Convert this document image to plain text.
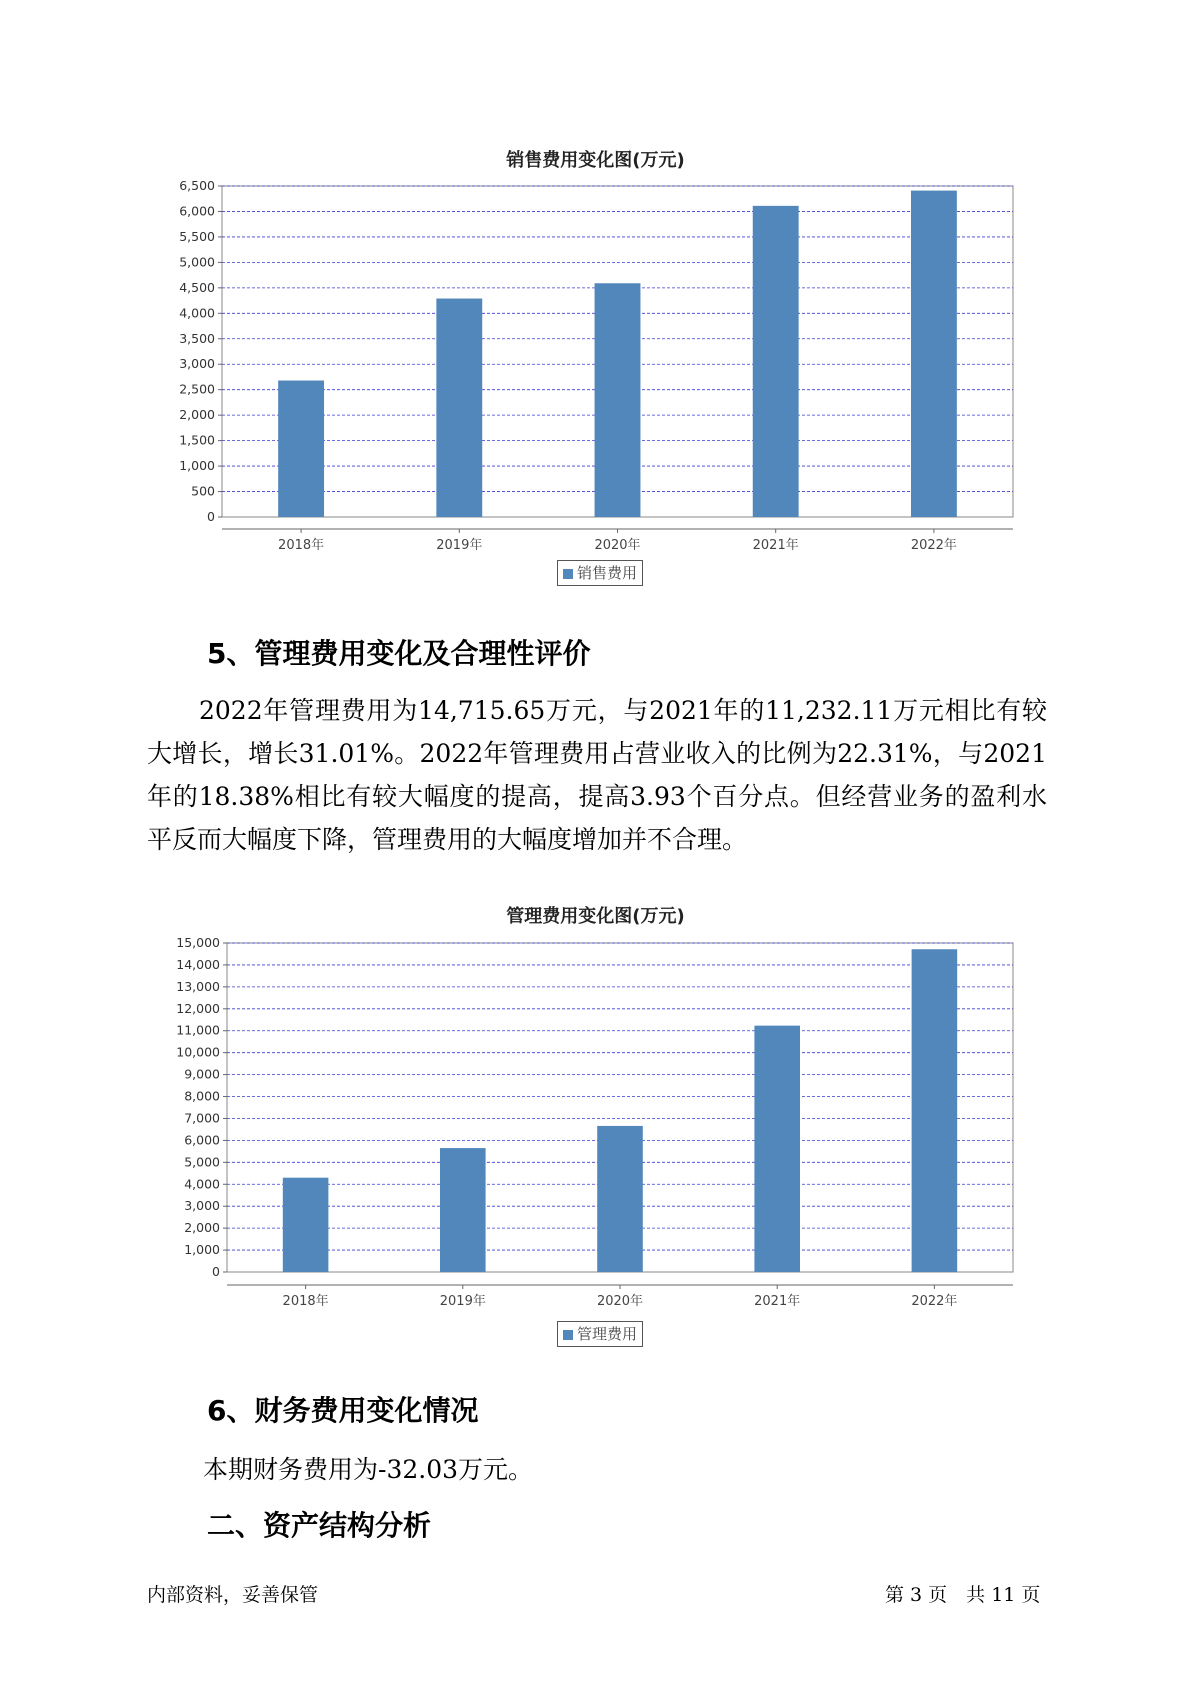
销售费用变化图(万元)
0
500
1,000
1,500
2,000
2,500
3,000
3,500
4,000
4,500
5,000
5,500
6,000
6,500
2018年	2019年	2020年	2021年	2022年
销售费用
5、管理费用变化及合理性评价
2022年管理费用为14,715.65万元，与2021年的11,232.11万元相比有较大增长，增长31.01%。2022年管理费用占营业收入的比例为22.31%，与2021年的18.38%相比有较大幅度的提高，提高3.93个百分点。但经营业务的盈利水平反而大幅度下降，管理费用的大幅度增加并不合理。
管理费用变化图(万元)
0
1,000
2,000
3,000
4,000
5,000
6,000
7,000
8,000
9,000
10,000
11,000
12,000
13,000
14,000
15,000
2018年	2019年	2020年	2021年	2022年
管理费用
6、财务费用变化情况
本期财务费用为-32.03万元。
二、资产结构分析
内部资料，妥善保管	第 3 页　共 11 页
